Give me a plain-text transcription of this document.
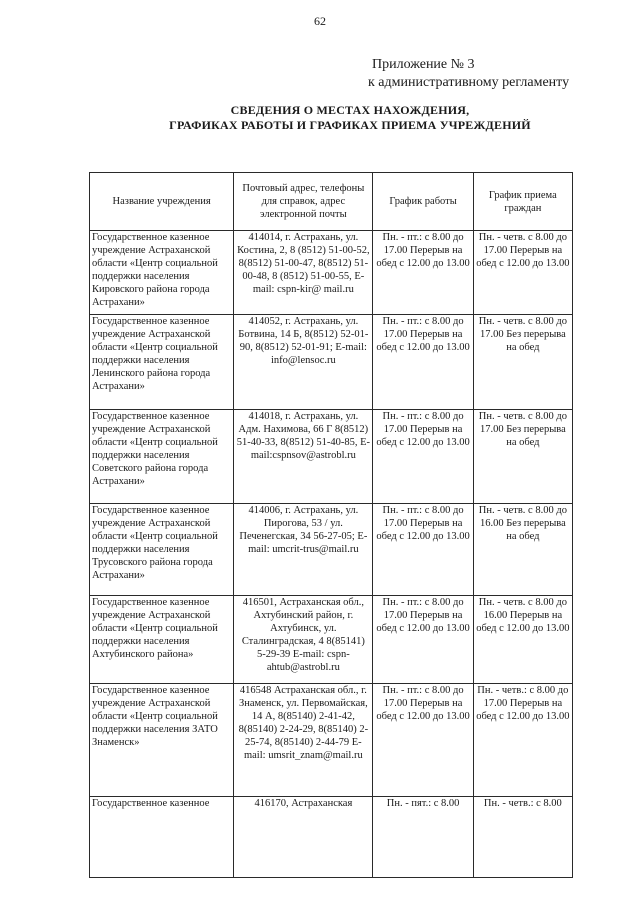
62
Приложение № 3
к административному регламенту
СВЕДЕНИЯ О МЕСТАХ НАХОЖДЕНИЯ,
ГРАФИКАХ РАБОТЫ И ГРАФИКАХ ПРИЕМА УЧРЕЖДЕНИЙ
Название учреждения	Почтовый адрес, телефоны для справок, адрес электронной почты	График работы	График приема граждан
Государственное казенное учреждение Астраханской области «Центр социальной поддержки населения Кировского района города Астрахани»	414014, г. Астрахань, ул. Костина, 2, 8 (8512) 51-00-52, 8(8512) 51-00-47, 8(8512) 51-00-48, 8 (8512) 51-00-55, E-mail: cspn-kir@ mail.ru	Пн. - пт.: с 8.00 до 17.00 Перерыв на обед с 12.00 до 13.00	Пн. - четв. с 8.00 до 17.00 Перерыв на обед с 12.00 до 13.00
Государственное казенное учреждение Астраханской области «Центр социальной поддержки населения Ленинского района города Астрахани»	414052, г. Астрахань, ул. Ботвина, 14 Б, 8(8512) 52-01-90, 8(8512) 52-01-91; E-mail: info@lensoc.ru	Пн. - пт.: с 8.00 до 17.00 Перерыв на обед с 12.00 до 13.00	Пн. - четв. с 8.00 до 17.00 Без перерыва на обед
Государственное казенное учреждение Астраханской области «Центр социальной поддержки населения Советского района города Астрахани»	414018, г. Астрахань, ул. Адм. Нахимова, 66 Г 8(8512) 51-40-33, 8(8512) 51-40-85, E-mail:cspnsov@astrobl.ru	Пн. - пт.: с 8.00 до 17.00 Перерыв на обед с 12.00 до 13.00	Пн. - четв. с 8.00 до 17.00 Без перерыва на обед
Государственное казенное учреждение Астраханской области «Центр социальной поддержки населения Трусовского района города Астрахани»	414006, г. Астрахань, ул. Пирогова, 53 / ул. Печенегская, 34 56-27-05; E-mail: umcrit-trus@mail.ru	Пн. - пт.: с 8.00 до 17.00 Перерыв на обед с 12.00 до 13.00	Пн. - четв. с 8.00 до 16.00 Без перерыва на обед
Государственное казенное учреждение Астраханской области «Центр социальной поддержки населения Ахтубинского района»	416501, Астраханская обл., Ахтубинский район, г. Ахтубинск, ул. Сталинградская, 4 8(85141) 5-29-39 E-mail: cspn-ahtub@astrobl.ru	Пн. - пт.: с 8.00 до 17.00 Перерыв на обед с 12.00 до 13.00	Пн. - четв. с 8.00 до 16.00 Перерыв на обед с 12.00 до 13.00
Государственное казенное учреждение Астраханской области «Центр социальной поддержки населения ЗАТО Знаменск»	416548 Астраханская обл., г. Знаменск, ул. Первомайская, 14 А, 8(85140) 2-41-42, 8(85140) 2-24-29, 8(85140) 2-25-74, 8(85140) 2-44-79 E-mail: umsrit_znam@mail.ru	Пн. - пт.: с 8.00 до 17.00 Перерыв на обед с 12.00 до 13.00	Пн. - четв.: с 8.00 до 17.00 Перерыв на обед с 12.00 до 13.00
Государственное казенное	416170, Астраханская	Пн. - пят.: с 8.00	Пн. - четв.: с 8.00
